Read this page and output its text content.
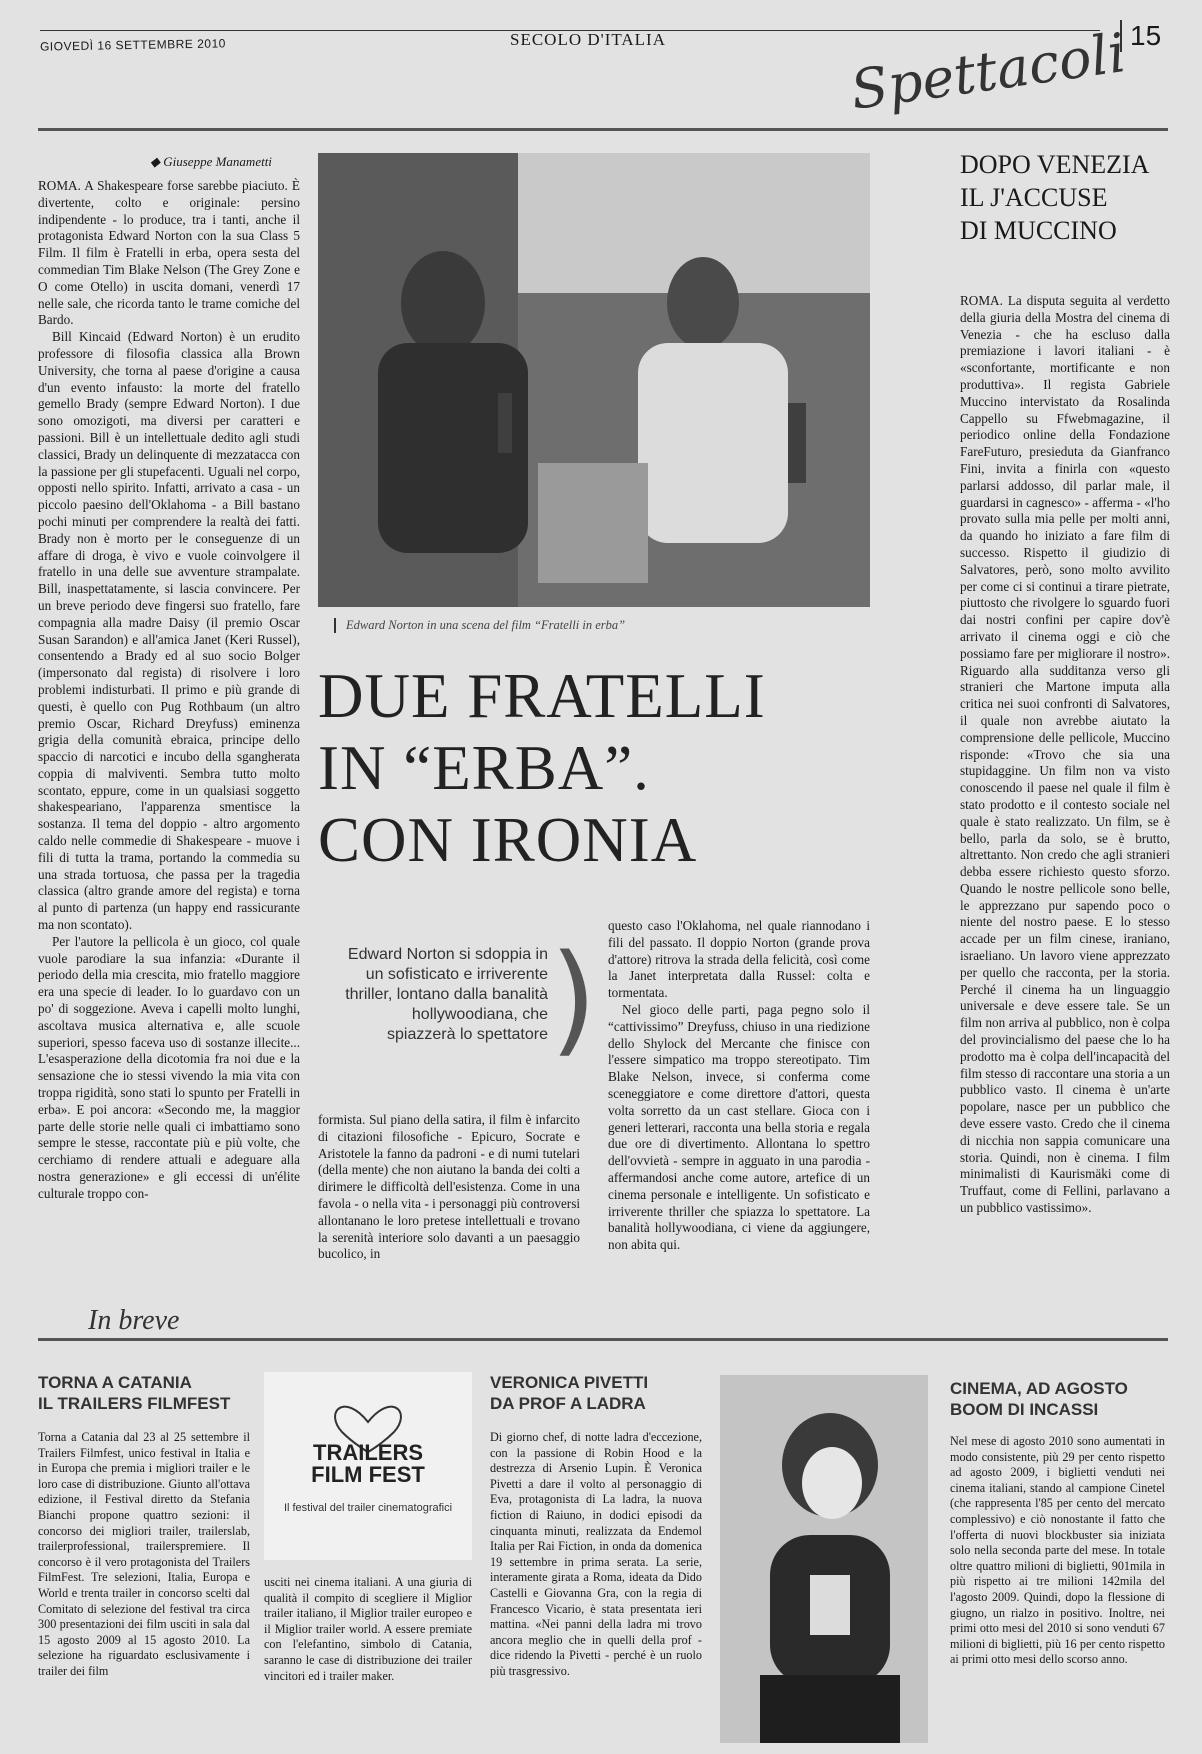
GIOVEDÌ 16 SETTEMBRE 2010	SECOLO D'ITALIA	15
Spettacoli
◆ Giuseppe Manametti

ROMA. A Shakespeare forse sarebbe piaciuto. È divertente, colto e originale: persino indipendente - lo produce, tra i tanti, anche il protagonista Edward Norton con la sua Class 5 Film. Il film è Fratelli in erba, opera sesta del commedian Tim Blake Nelson (The Grey Zone e O come Otello) in uscita domani, venerdì 17 nelle sale, che ricorda tanto le trame comiche del Bardo.

Bill Kincaid (Edward Norton) è un erudito professore di filosofia classica alla Brown University, che torna al paese d'origine a causa d'un evento infausto: la morte del fratello gemello Brady (sempre Edward Norton). I due sono omozigoti, ma diversi per caratteri e passioni. Bill è un intellettuale dedito agli studi classici, Brady un delinquente di mezzatacca con la passione per gli stupefacenti. Uguali nel corpo, opposti nello spirito. Infatti, arrivato a casa - un piccolo paesino dell'Oklahoma - a Bill bastano pochi minuti per comprendere la realtà dei fatti. Brady non è morto per le conseguenze di un affare di droga, è vivo e vuole coinvolgere il fratello in una delle sue avventure strampalate. Bill, inaspettatamente, si lascia convincere. Per un breve periodo deve fingersi suo fratello, fare compagnia alla madre Daisy (il premio Oscar Susan Sarandon) e all'amica Janet (Keri Russel), consentendo a Brady ed al suo socio Bolger (impersonato dal regista) di risolvere i loro problemi indisturbati. Il primo e più grande di questi, è quello con Pug Rothbaum (un altro premio Oscar, Richard Dreyfuss) eminenza grigia della comunità ebraica, principe dello spaccio di narcotici e incubo della sgangherata coppia di malviventi. Sembra tutto molto scontato, eppure, come in un qualsiasi soggetto shakespeariano, l'apparenza smentisce la sostanza. Il tema del doppio - altro argomento caldo nelle commedie di Shakespeare - muove i fili di tutta la trama, portando la commedia su una strada tortuosa, che passa per la tragedia classica (altro grande amore del regista) e torna al punto di partenza (un happy end rassicurante ma non scontato).

Per l'autore la pellicola è un gioco, col quale vuole parodiare la sua infanzia: «Durante il periodo della mia crescita, mio fratello maggiore era una specie di leader. Io lo guardavo con un po' di soggezione. Aveva i capelli molto lunghi, ascoltava musica alternativa e, alle scuole superiori, spesso faceva uso di sostanze illecite... L'esasperazione della dicotomia fra noi due e la sensazione che io stessi vivendo la mia vita con troppa rigidità, sono stati lo spunto per Fratelli in erba». E poi ancora: «Secondo me, la maggior parte delle storie nelle quali ci imbattiamo sono sempre le stesse, raccontate più e più volte, che cerchiamo di rendere attuali e adeguare alla nostra generazione» e gli eccessi di un'élite culturale troppo con-

Edward Norton in una scena del film “Fratelli in erba”
DUE FRATELLI
IN “ERBA”.
CON IRONIA
Edward Norton si sdoppia in un sofisticato e irriverente thriller, lontano dalla banalità hollywoodiana, che spiazzerà lo spettatore )

formista. Sul piano della satira, il film è infarcito di citazioni filosofiche - Epicuro, Socrate e Aristotele la fanno da padroni - e di numi tutelari (della mente) che non aiutano la banda dei colti a dirimere le difficoltà dell'esistenza. Come in una favola - o nella vita - i personaggi più controversi allontanano le loro pretese intellettuali e trovano la serenità interiore solo davanti a un paesaggio bucolico, in

questo caso l'Oklahoma, nel quale riannodano i fili del passato. Il doppio Norton (grande prova d'attore) ritrova la strada della felicità, così come la Janet interpretata dalla Russel: colta e tormentata.

Nel gioco delle parti, paga pegno solo il “cattivissimo” Dreyfuss, chiuso in una riedizione dello Shylock del Mercante che finisce con l'essere simpatico ma troppo stereotipato. Tim Blake Nelson, invece, si conferma come sceneggiatore e come direttore d'attori, questa volta sorretto da un cast stellare. Gioca con i generi letterari, racconta una bella storia e regala due ore di divertimento. Allontana lo spettro dell'ovvietà - sempre in agguato in una parodia - affermandosi anche come autore, artefice di un cinema personale e intelligente. Un sofisticato e irriverente thriller che spiazza lo spettatore. La banalità hollywoodiana, ci viene da aggiungere, non abita qui.

DOPO VENEZIA
IL J'ACCUSE
DI MUCCINO

ROMA. La disputa seguita al verdetto della giuria della Mostra del cinema di Venezia - che ha escluso dalla premiazione i lavori italiani - è «sconfortante, mortificante e non produttiva». Il regista Gabriele Muccino intervistato da Rosalinda Cappello su Ffwebmagazine, il periodico online della Fondazione FareFuturo, presieduta da Gianfranco Fini, invita a finirla con «questo parlarsi addosso, dil parlar male, il guardarsi in cagnesco» - afferma - «l'ho provato sulla mia pelle per molti anni, da quando ho iniziato a fare film di successo. Rispetto il giudizio di Salvatores, però, sono molto avvilito per come ci si continui a tirare pietrate, piuttosto che rivolgere lo sguardo fuori dai nostri confini per capire dov'è arrivato il cinema oggi e ciò che possiamo fare per migliorare il nostro». Riguardo alla sudditanza verso gli stranieri che Martone imputa alla critica nei suoi confronti di Salvatores, il quale non avrebbe aiutato la comprensione delle pellicole, Muccino risponde: «Trovo che sia una stupidaggine. Un film non va visto conoscendo il paese nel quale il film è stato prodotto e il contesto sociale nel quale è stato realizzato. Un film, se è bello, parla da solo, se è brutto, altrettanto. Non credo che agli stranieri debba essere richiesto questo sforzo. Quando le nostre pellicole sono belle, le apprezzano pur sapendo poco o niente del nostro paese. E lo stesso accade per un film cinese, iraniano, israeliano. Un lavoro viene apprezzato per quello che racconta, per la storia. Perché il cinema ha un linguaggio universale e deve essere tale. Se un film non arriva al pubblico, non è colpa del provincialismo del paese che lo ha prodotto ma è colpa dell'incapacità del film stesso di raccontare una storia a un pubblico vasto. Il cinema è un'arte popolare, nasce per un pubblico che deve essere vasto. Credo che il cinema di nicchia non sappia comunicare una storia. Quindi, non è cinema. I film minimalisti di Kaurismäki come di Truffaut, come di Fellini, parlavano a un pubblico vastissimo».

In breve
TORNA A CATANIA
IL TRAILERS FILMFEST

Torna a Catania dal 23 al 25 settembre il Trailers Filmfest, unico festival in Italia e in Europa che premia i migliori trailer e le loro case di distribuzione. Giunto all'ottava edizione, il Festival diretto da Stefania Bianchi propone quattro sezioni: il concorso dei migliori trailer, trailerslab, trailerprofessional, trailerspremiere. Il concorso è il vero protagonista del Trailers FilmFest. Tre selezioni, Italia, Europa e World e trenta trailer in concorso scelti dal Comitato di selezione del festival tra circa 300 presentazioni dei film usciti in sala dal 15 agosto 2009 al 15 agosto 2010. La selezione ha riguardato esclusivamente i trailer dei film

TRAILERS
FILM FEST
Il festival del trailer cinematografici

usciti nei cinema italiani. A una giuria di qualità il compito di scegliere il Miglior trailer italiano, il Miglior trailer europeo e il Miglior trailer world. A essere premiate con l'elefantino, simbolo di Catania, saranno le case di distribuzione dei trailer vincitori ed i trailer maker.

VERONICA PIVETTI
DA PROF A LADRA

Di giorno chef, di notte ladra d'eccezione, con la passione di Robin Hood e la destrezza di Arsenio Lupin. È Veronica Pivetti a dare il volto al personaggio di Eva, protagonista di La ladra, la nuova fiction di Raiuno, in dodici episodi da cinquanta minuti, realizzata da Endemol Italia per Rai Fiction, in onda da domenica 19 settembre in prima serata. La serie, interamente girata a Roma, ideata da Dido Castelli e Giovanna Gra, con la regia di Francesco Vicario, è stata presentata ieri mattina. «Nei panni della ladra mi trovo ancora meglio che in quelli della prof - dice ridendo la Pivetti - perché è un ruolo più trasgressivo.

CINEMA, AD AGOSTO
BOOM DI INCASSI

Nel mese di agosto 2010 sono aumentati in modo consistente, più 29 per cento rispetto ad agosto 2009, i biglietti venduti nei cinema italiani, stando al campione Cinetel (che rappresenta l'85 per cento del mercato complessivo) e ciò nonostante il fatto che l'offerta di nuovi blockbuster sia iniziata solo nella seconda parte del mese. In totale oltre quattro milioni di biglietti, 901mila in più rispetto ai tre milioni 142mila del l'agosto 2009. Quindi, dopo la flessione di giugno, un rialzo in positivo. Inoltre, nei primi otto mesi del 2010 si sono venduti 67 milioni di biglietti, più 16 per cento rispetto ai primi otto mesi dello scorso anno.
